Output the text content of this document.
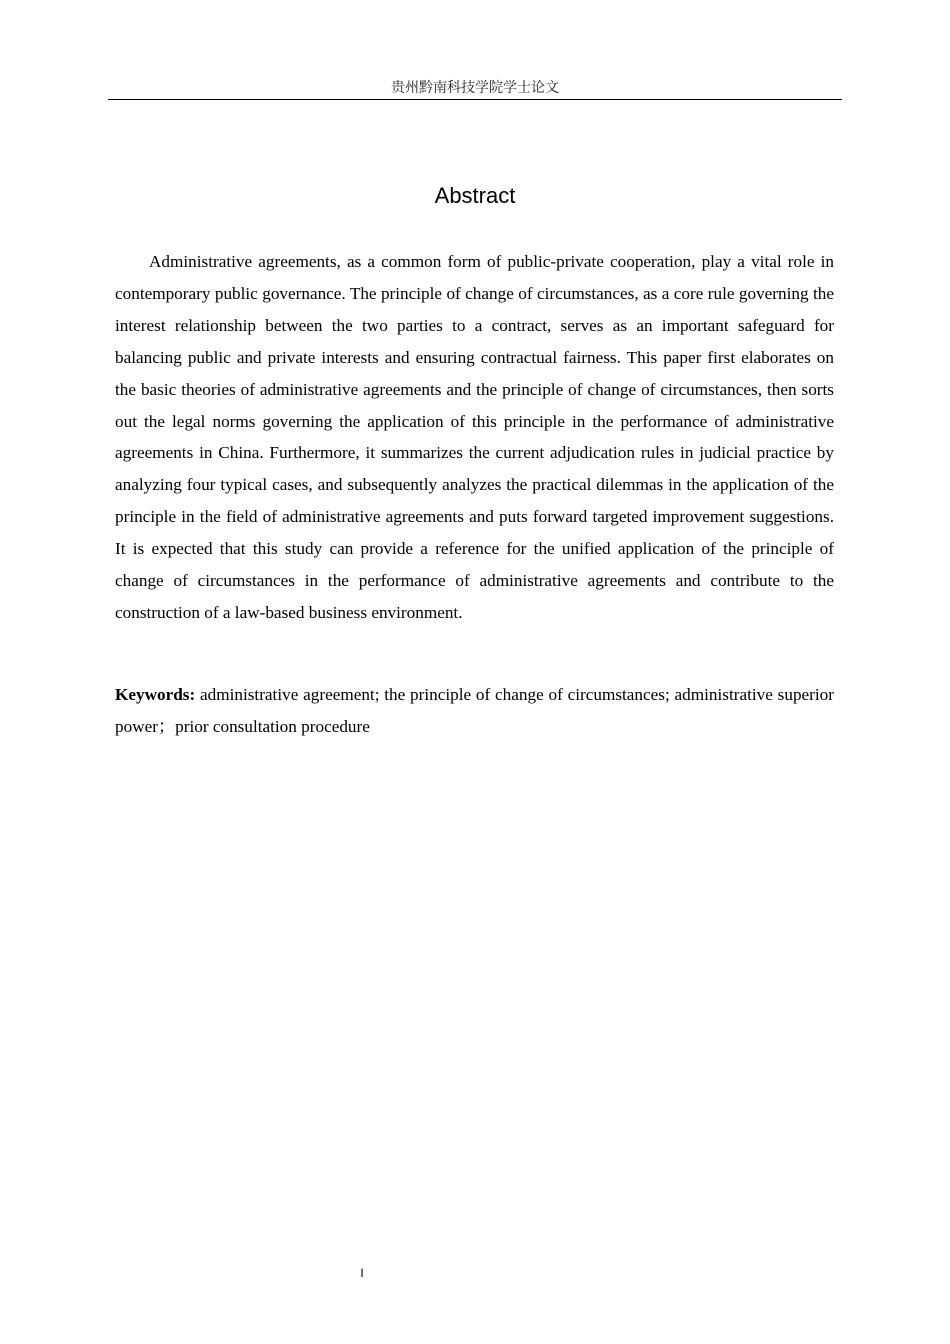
贵州黔南科技学院学士论文
Abstract

Administrative agreements, as a common form of public-private cooperation, play a vital role in contemporary public governance. The principle of change of circumstances, as a core rule governing the interest relationship between the two parties to a contract, serves as an important safeguard for balancing public and private interests and ensuring contractual fairness. This paper first elaborates on the basic theories of administrative agreements and the principle of change of circumstances, then sorts out the legal norms governing the application of this principle in the performance of administrative agreements in China. Furthermore, it summarizes the current adjudication rules in judicial practice by analyzing four typical cases, and subsequently analyzes the practical dilemmas in the application of the principle in the field of administrative agreements and puts forward targeted improvement suggestions. It is expected that this study can provide a reference for the unified application of the principle of change of circumstances in the performance of administrative agreements and contribute to the construction of a law-based business environment.

Keywords: administrative agreement; the principle of change of circumstances; administrative superior power；prior consultation procedure

I
